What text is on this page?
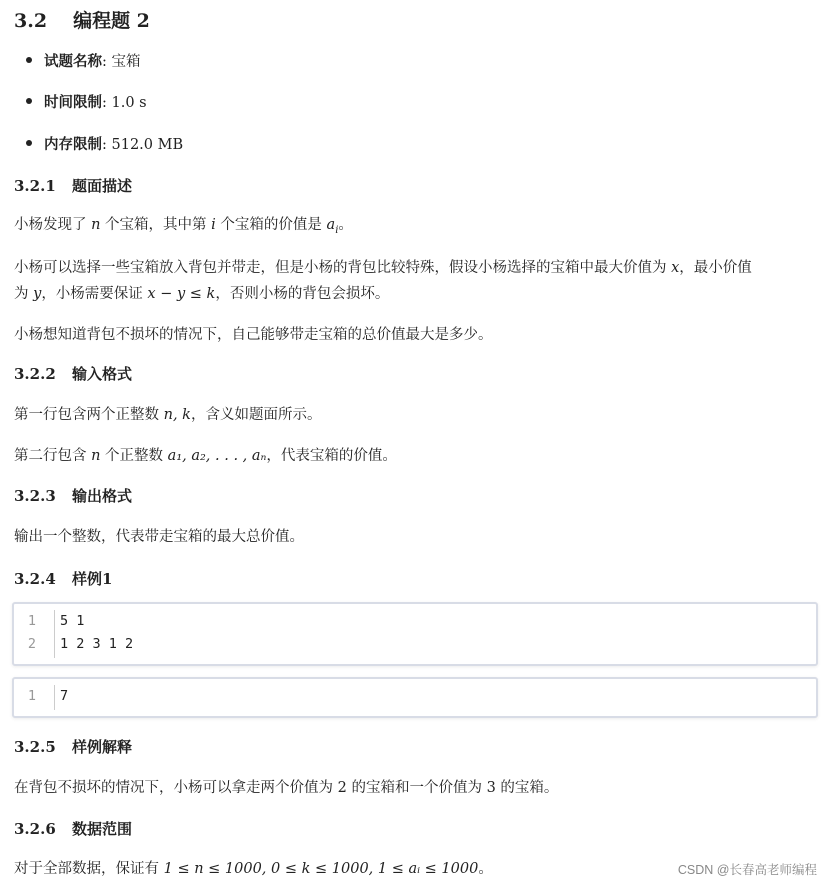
3.2 编程题 2
试题名称: 宝箱
时间限制: 1.0 s
内存限制: 512.0 MB
3.2.1 题面描述
小杨发现了 n 个宝箱，其中第 i 个宝箱的价值是 $a_i$。
小杨可以选择一些宝箱放入背包并带走，但是小杨的背包比较特殊，假设小杨选择的宝箱中最大价值为 x，最小价值
为 y，小杨需要保证 x − y ≤ k，否则小杨的背包会损坏。
小杨想知道背包不损坏的情况下，自己能够带走宝箱的总价值最大是多少。
3.2.2 输入格式
第一行包含两个正整数 n, k，含义如题面所示。
第二行包含 n 个正整数 a₁, a₂, . . . , aₙ，代表宝箱的价值。
3.2.3 输出格式
输出一个整数，代表带走宝箱的最大总价值。
3.2.4 样例1
1	5 1
2	1 2 3 1 2
1	7
3.2.5 样例解释
在背包不损坏的情况下，小杨可以拿走两个价值为 2 的宝箱和一个价值为 3 的宝箱。
3.2.6 数据范围
对于全部数据，保证有 1 ≤ n ≤ 1000, 0 ≤ k ≤ 1000, 1 ≤ aᵢ ≤ 1000。	CSDN @长春高老师编程
